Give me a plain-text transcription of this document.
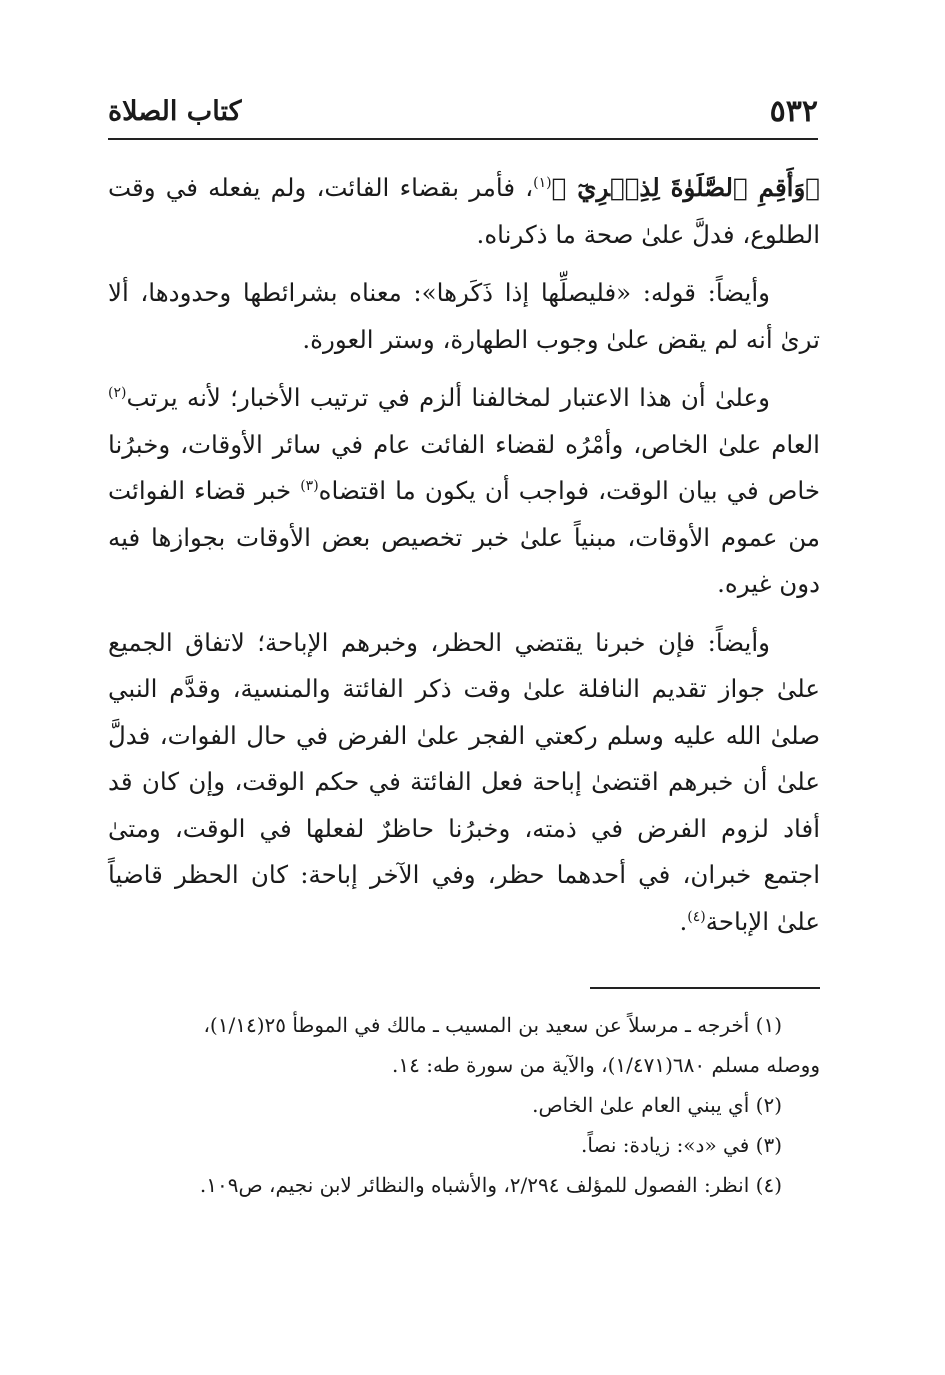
٥٣٢
كتاب الصلاة

﴿وَأَقِمِ ٱلصَّلَوٰةَ لِذِكۡرِيٓ ﴾$^{(١)}$، فأمر بقضاء الفائت، ولم يفعله في وقت الطلوع، فدلَّ علىٰ صحة ما ذكرناه.

وأيضاً: قوله: «فليصلِّها إذا ذَكَرها»: معناه بشرائطها وحدودها، ألا ترىٰ أنه لم يقض علىٰ وجوب الطهارة، وستر العورة.

وعلىٰ أن هذا الاعتبار لمخالفنا ألزم في ترتيب الأخبار؛ لأنه يرتب$^{(٢)}$ العام علىٰ الخاص، وأمْرُه لقضاء الفائت عام في سائر الأوقات، وخبرُنا خاص في بيان الوقت، فواجب أن يكون ما اقتضاه$^{(٣)}$ خبر قضاء الفوائت من عموم الأوقات، مبنياً علىٰ خبر تخصيص بعض الأوقات بجوازها فيه دون غيره.

وأيضاً: فإن خبرنا يقتضي الحظر، وخبرهم الإباحة؛ لاتفاق الجميع علىٰ جواز تقديم النافلة علىٰ وقت ذكر الفائتة والمنسية، وقدَّم النبي صلىٰ الله عليه وسلم ركعتي الفجر علىٰ الفرض في حال الفوات، فدلَّ علىٰ أن خبرهم اقتضىٰ إباحة فعل الفائتة في حكم الوقت، وإن كان قد أفاد لزوم الفرض في ذمته، وخبرُنا حاظرٌ لفعلها في الوقت، ومتىٰ اجتمع خبران، في أحدهما حظر، وفي الآخر إباحة: كان الحظر قاضياً علىٰ الإباحة$^{(٤)}$.

(١) أخرجه ـ مرسلاً عن سعيد بن المسيب ـ مالك في الموطأ ٢٥(١/١٤)،

ووصله مسلم ٦٨٠(١/٤٧١)، والآية من سورة طه: ١٤.

(٢) أي يبني العام علىٰ الخاص.

(٣) في «د»: زيادة: نصاً.

(٤) انظر: الفصول للمؤلف ٢/٢٩٤، والأشباه والنظائر لابن نجيم، ص١٠٩.
